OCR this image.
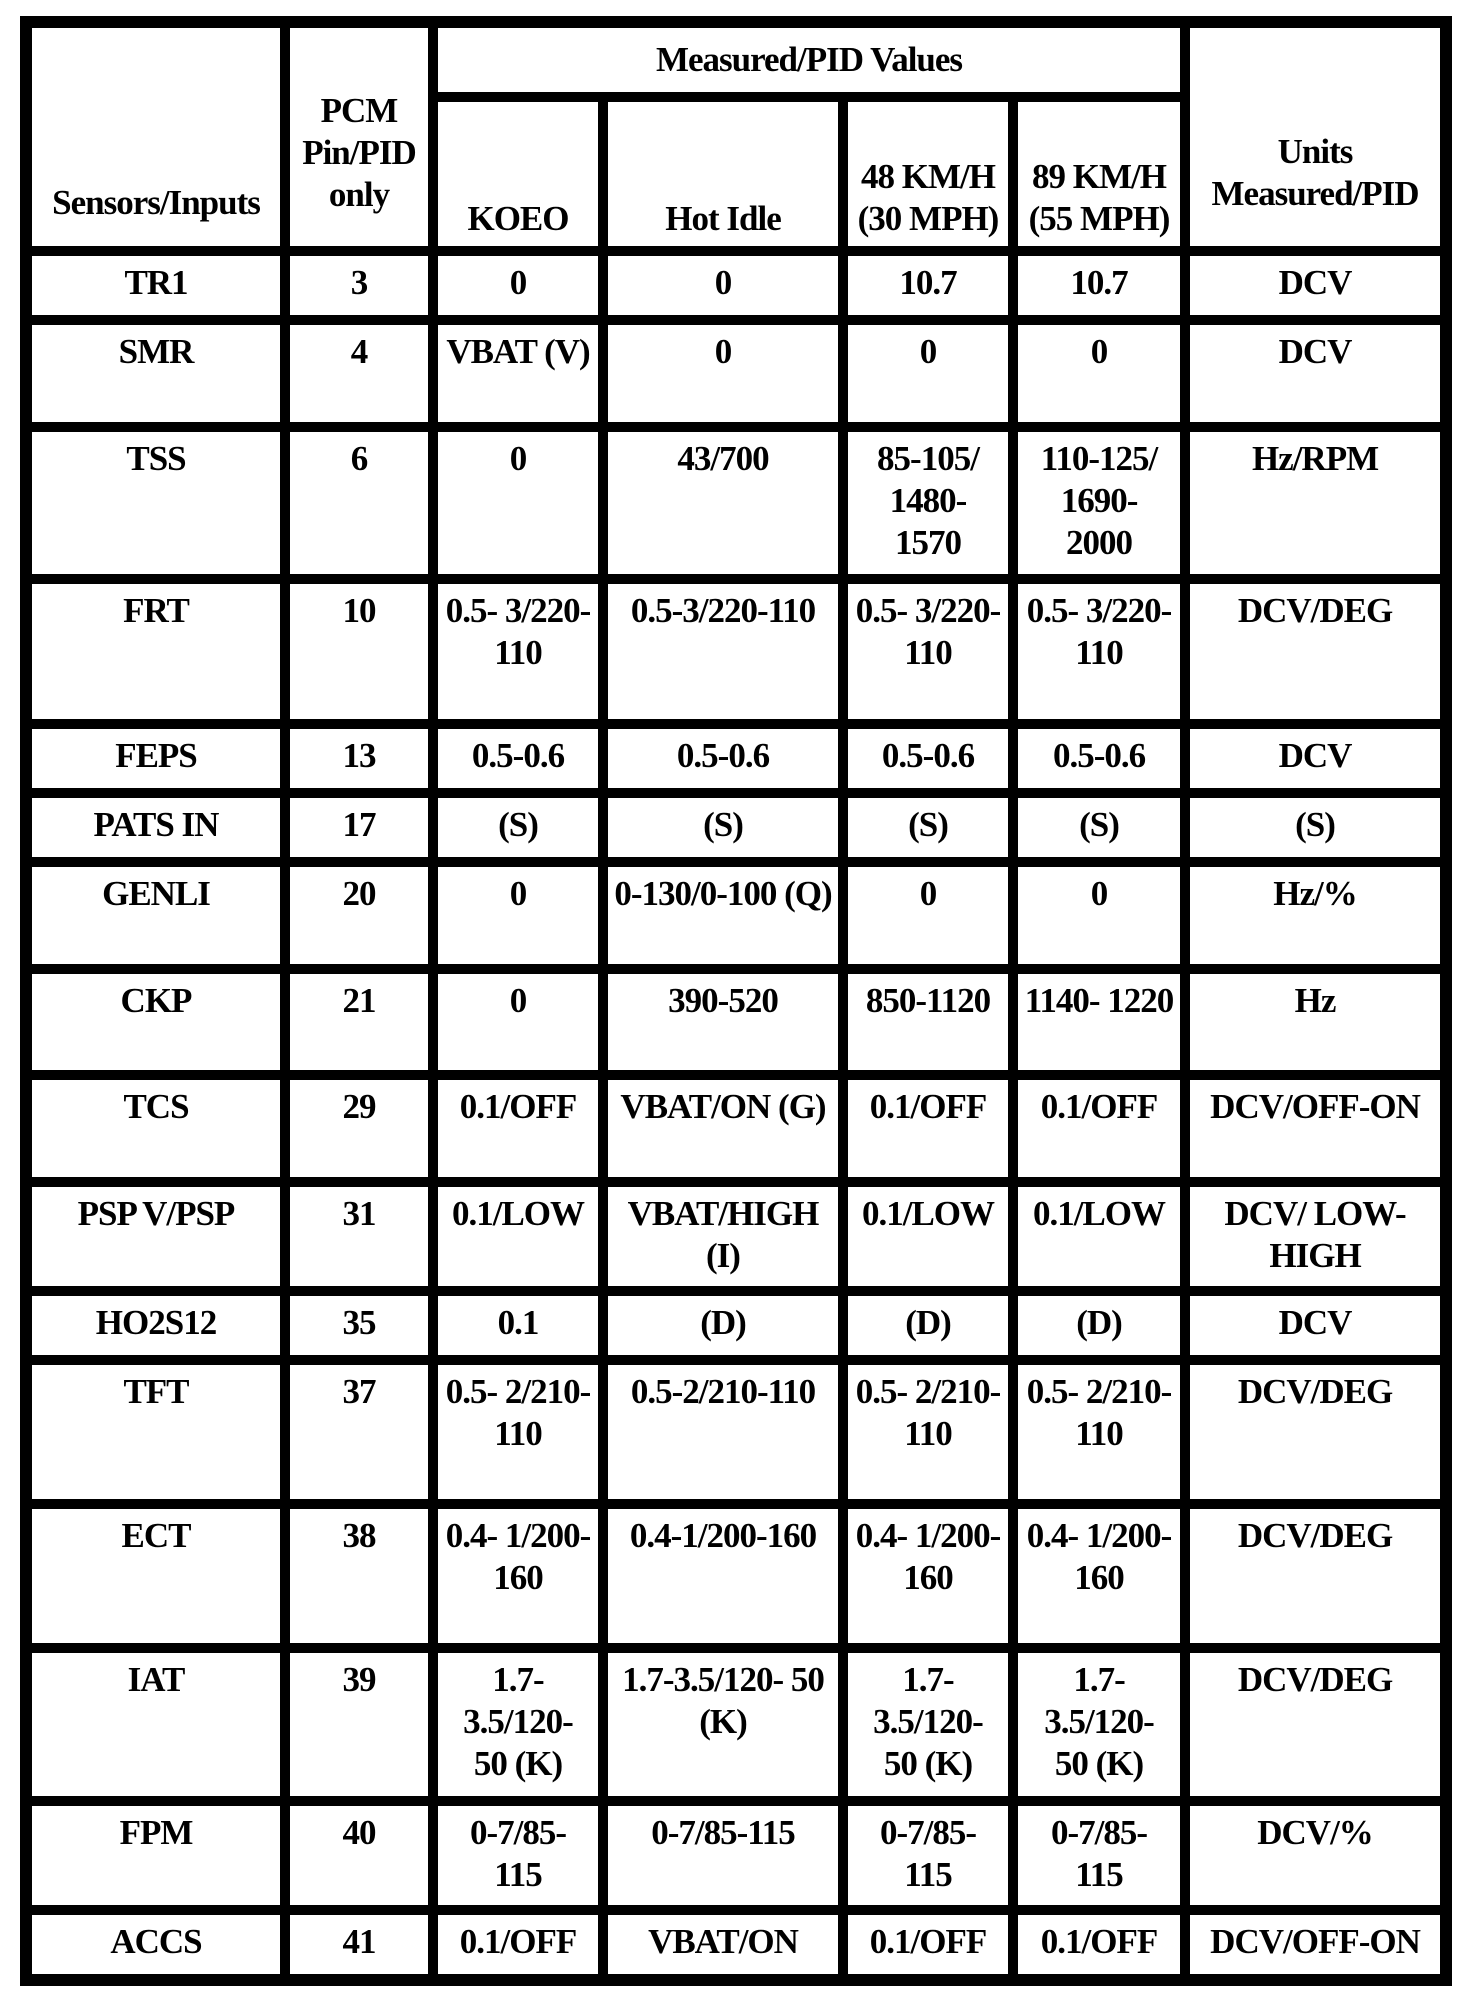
Sensors/Inputs	PCM Pin/PID only	Measured/PID Values				Units Measured/PID
		KOEO	Hot Idle	48 KM/H (30 MPH)	89 KM/H (55 MPH)	
TR1	3	0	0	10.7	10.7	DCV
SMR	4	VBAT (V)	0	0	0	DCV
TSS	6	0	43/700	85-105/ 1480- 1570	110-125/ 1690- 2000	Hz/RPM
FRT	10	0.5- 3/220- 110	0.5-3/220-110	0.5- 3/220- 110	0.5- 3/220- 110	DCV/DEG
FEPS	13	0.5-0.6	0.5-0.6	0.5-0.6	0.5-0.6	DCV
PATS IN	17	(S)	(S)	(S)	(S)	(S)
GENLI	20	0	0-130/0-100 (Q)	0	0	Hz/%
CKP	21	0	390-520	850-1120	1140- 1220	Hz
TCS	29	0.1/OFF	VBAT/ON (G)	0.1/OFF	0.1/OFF	DCV/OFF-ON
PSP V/PSP	31	0.1/LOW	VBAT/HIGH (I)	0.1/LOW	0.1/LOW	DCV/ LOW- HIGH
HO2S12	35	0.1	(D)	(D)	(D)	DCV
TFT	37	0.5- 2/210- 110	0.5-2/210-110	0.5- 2/210- 110	0.5- 2/210- 110	DCV/DEG
ECT	38	0.4- 1/200- 160	0.4-1/200-160	0.4- 1/200- 160	0.4- 1/200- 160	DCV/DEG
IAT	39	1.7- 3.5/120- 50 (K)	1.7-3.5/120- 50 (K)	1.7- 3.5/120- 50 (K)	1.7- 3.5/120- 50 (K)	DCV/DEG
FPM	40	0-7/85- 115	0-7/85-115	0-7/85- 115	0-7/85- 115	DCV/%
ACCS	41	0.1/OFF	VBAT/ON	0.1/OFF	0.1/OFF	DCV/OFF-ON
